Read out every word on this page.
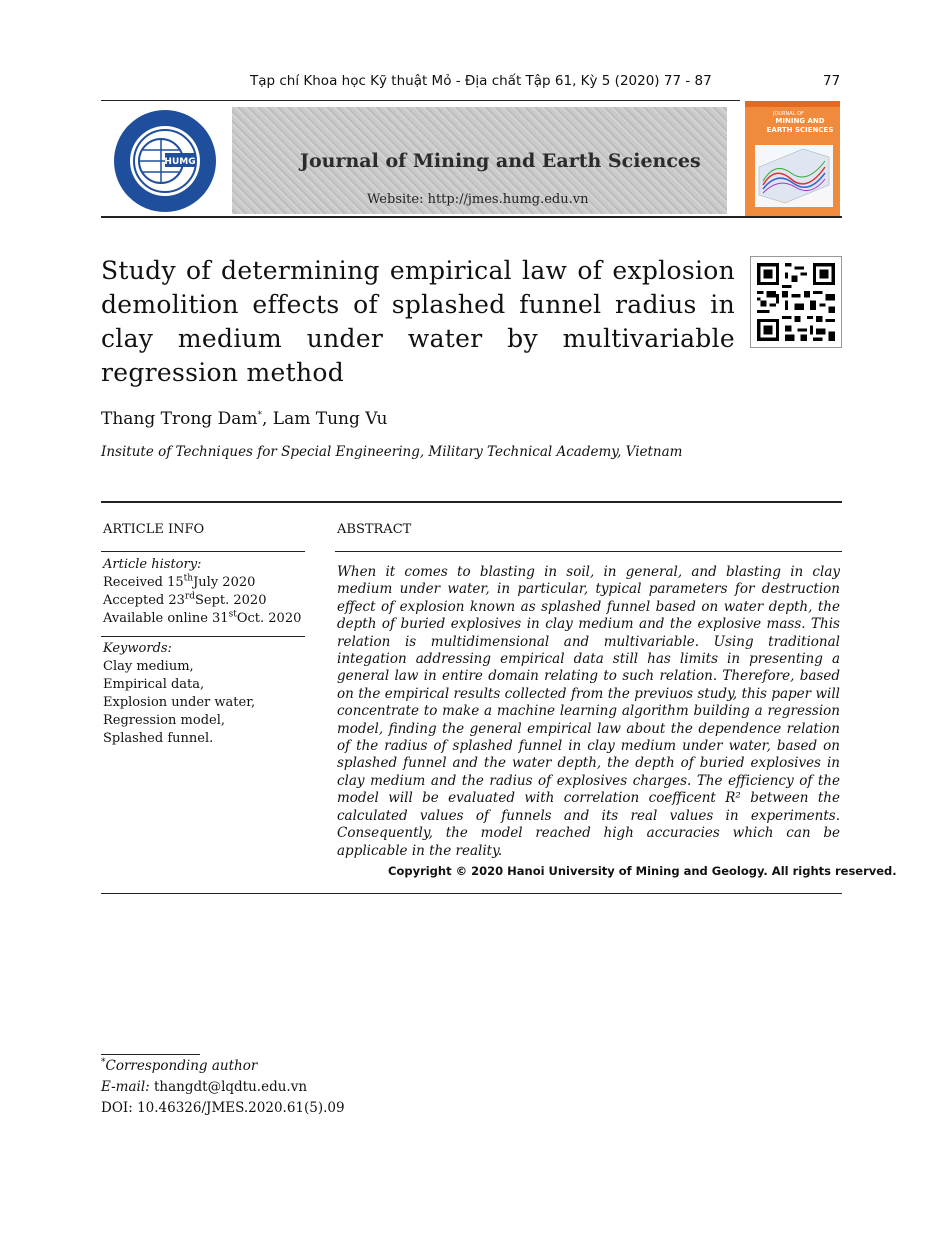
Tạp chí Khoa học Kỹ thuật Mỏ - Địa chất Tập 61, Kỳ 5 (2020) 77 - 87	77
HUMG	Journal of Mining and Earth Sciences
Website: http://jmes.humg.edu.vn
JOURNAL OF
MINING AND EARTH SCIENCES
Study of determining empirical law of explosion demolition effects of splashed funnel radius in clay medium under water by multivariable regression method
Thang Trong Dam*, Lam Tung Vu
Insitute of Techniques for Special Engineering, Military Technical Academy, Vietnam
ARTICLE INFO	ABSTRACT
Article history:
Received 15thJuly 2020
Accepted 23rdSept. 2020
Available online 31stOct. 2020
Keywords:
Clay medium,
Empirical data,
Explosion under water,
Regression model,
Splashed funnel.
When it comes to blasting in soil, in general, and blasting in clay medium under water, in particular, typical parameters for destruction effect of explosion known as splashed funnel based on water depth, the depth of buried explosives in clay medium and the explosive mass. This relation is multidimensional and multivariable. Using traditional integation addressing empirical data still has limits in presenting a general law in entire domain relating to such relation. Therefore, based on the empirical results collected from the previuos study, this paper will concentrate to make a machine learning algorithm building a regression model, finding the general empirical law about the dependence relation of the radius of splashed funnel in clay medium under water, based on splashed funnel and the water depth, the depth of buried explosives in clay medium and the radius of explosives charges. The efficiency of the model will be evaluated with correlation coefficent R² between the calculated values of funnels and its real values in experiments. Consequently, the model reached high accuracies which can be applicable in the reality.
Copyright © 2020 Hanoi University of Mining and Geology. All rights reserved.
*Corresponding author
E-mail: thangdt@lqdtu.edu.vn
DOI: 10.46326/JMES.2020.61(5).09
